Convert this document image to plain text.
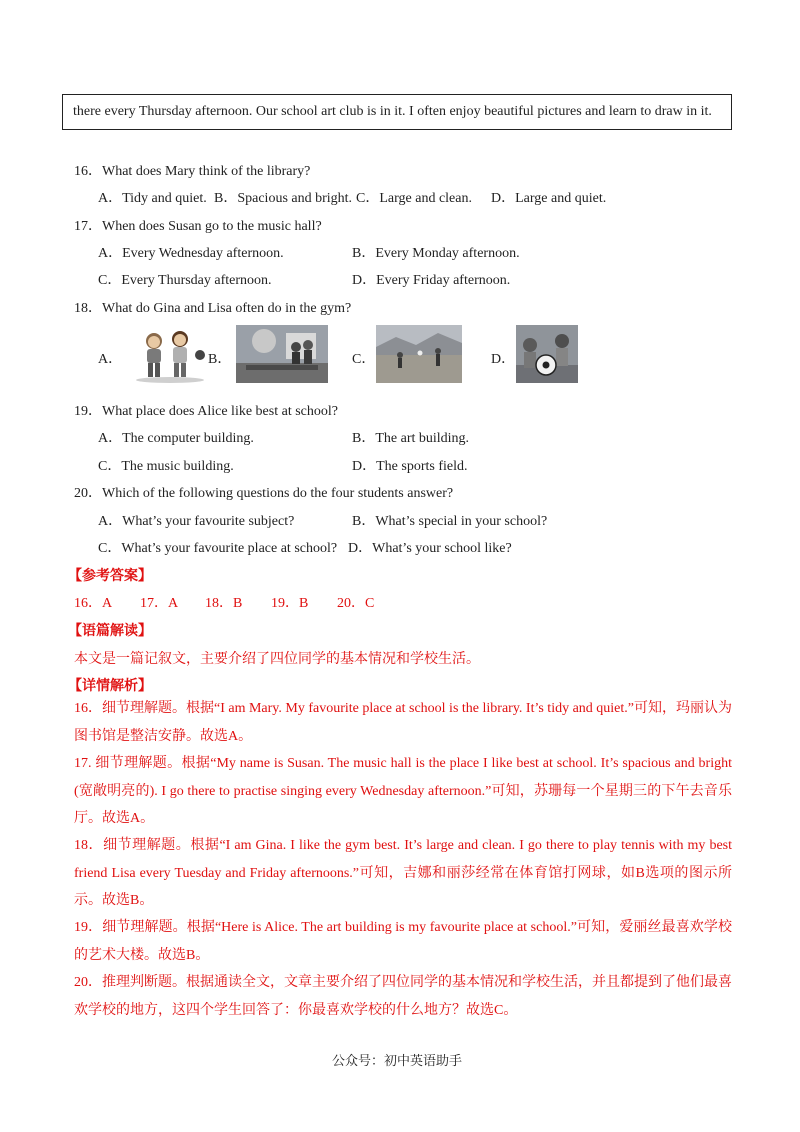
there every Thursday afternoon. Our school art club is in it. I often enjoy beautiful pictures and learn to draw in it.
16．What does Mary think of the library?
A．Tidy and quiet. B．Spacious and bright. C．Large and clean. D．Large and quiet.
17．When does Susan go to the music hall?
A．Every Wednesday afternoon.	B．Every Monday afternoon.
C．Every Thursday afternoon.	D．Every Friday afternoon.
18．What do Gina and Lisa often do in the gym?
A．	B．	C．	D．
19．What place does Alice like best at school?
A．The computer building.	B．The art building.
C．The music building.	D．The sports field.
20．Which of the following questions do the four students answer?
A．What’s your favourite subject?	B．What’s special in your school?
C．What’s your favourite place at school? D．What’s your school like?
【参考答案】
16．A 17．A 18．B 19．B 20．C
【语篇解读】
本文是一篇记叙文，主要介绍了四位同学的基本情况和学校生活。
【详情解析】
16．细节理解题。根据“I am Mary. My favourite place at school is the library. It’s tidy and quiet.”可知，玛丽认为图书馆是整洁安静。故选A。
17. 细节理解题。根据“My name is Susan. The music hall is the place I like best at school. It’s spacious and bright (宽敞明亮的). I go there to practise singing every Wednesday afternoon.”可知，苏珊每一个星期三的下午去音乐厅。故选A。
18．细节理解题。根据“I am Gina. I like the gym best. It’s large and clean. I go there to play tennis with my best friend Lisa every Tuesday and Friday afternoons.”可知，吉娜和丽莎经常在体育馆打网球，如B选项的图示所示。故选B。
19．细节理解题。根据“Here is Alice. The art building is my favourite place at school.”可知，爱丽丝最喜欢学校的艺术大楼。故选B。
20．推理判断题。根据通读全文，文章主要介绍了四位同学的基本情况和学校生活，并且都提到了他们最喜欢学校的地方，这四个学生回答了：你最喜欢学校的什么地方？故选C。
公众号：初中英语助手
